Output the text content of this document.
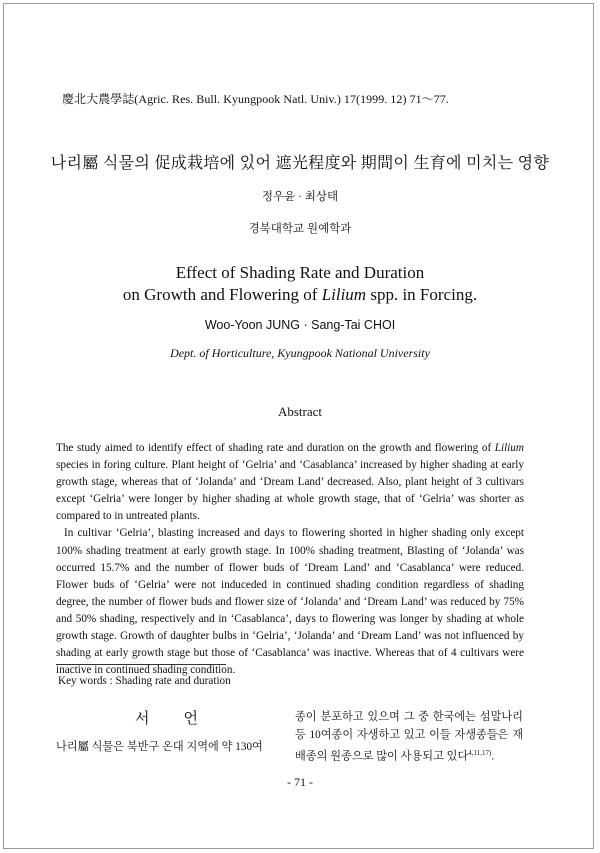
慶北大農學誌(Agric. Res. Bull. Kyungpook Natl. Univ.) 17(1999. 12) 71～77.
나리屬 식물의 促成栽培에 있어 遮光程度와 期間이 生育에 미치는 영향
정우윤 · 최상태
경북대학교 원예학과
Effect of Shading Rate and Duration
on Growth and Flowering of Lilium spp. in Forcing.
Woo-Yoon JUNG · Sang-Tai CHOI
Dept. of Horticulture, Kyungpook National University
Abstract

The study aimed to identify effect of shading rate and duration on the growth and flowering of Lilium species in foring culture. Plant height of ‘Gelria’ and ‘Casablanca’ increased by higher shading at early growth stage, whereas that of ‘Jolanda’ and ‘Dream Land’ decreased. Also, plant height of 3 cultivars except ‘Gelria’ were longer by higher shading at whole growth stage, that of ‘Gelria’ was shorter as compared to in untreated plants.

In cultivar ‘Gelria’, blasting increased and days to flowering shorted in higher shading only except 100% shading treatment at early growth stage. In 100% shading treatment, Blasting of ‘Jolanda’ was occurred 15.7% and the number of flower buds of ‘Dream Land’ and ‘Casablanca’ were reduced. Flower buds of ‘Gelria’ were not induceded in continued shading condition regardless of shading degree, the number of flower buds and flower size of ‘Jolanda’ and ‘Dream Land’ was reduced by 75% and 50% shading, respectively and in ‘Casablanca’, days to flowering was longer by shading at whole growth stage. Growth of daughter bulbs in ‘Gelria’, ‘Jolanda’ and ‘Dream Land’ was not influenced by shading at early growth stage but those of ‘Casablanca’ was inactive. Whereas that of 4 cultivars were inactive in continued shading condition.

Key words : Shading rate and duration
서언
나리屬 식물은 북반구 온대 지역에 약 130여
종이 분포하고 있으며 그 중 한국에는 섬말나리 등 10여종이 자생하고 있고 이들 자생종들은 재배종의 원종으로 많이 사용되고 있다$^{4,11,17)}$.
- 71 -
